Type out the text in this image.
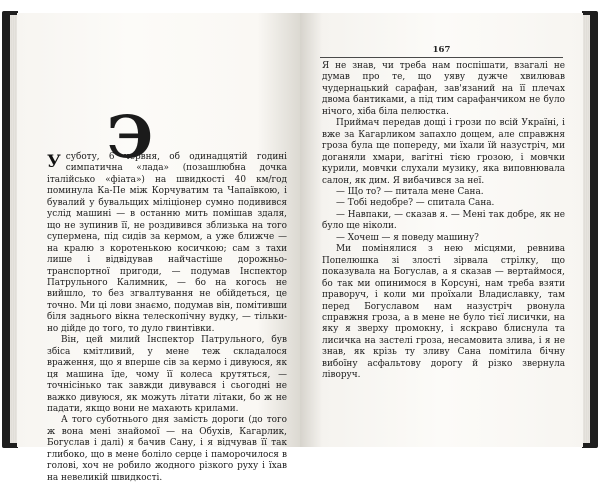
Э

Усуботу, 6 червня, об одинадцятій годині симпатична «лада» (позашлюбна дочка італійсько «фіата») на швидкості 40 км/год поминула Ка-Пе між Корчуватим та Чапаївкою, і бувалий у бувальщих міліціонер сумно подивився услід машині — в останню мить помішав здаля, що не зупинив її, не роздивився зблизька на того супермена, під сидів за кермом, а уже ближче — на кралю з коротенькою косичкою; сам з тахи лише і відвідував найчастіше дорожньо-транспортної пригоди, — подумав Інспектор Патрульного Калимник, — бо на когось не вийшло, то без згвалтування не обійдеться, це точно. Ми ці лови знаємо, подумав він, помітивши біля заднього вікна телескопічну вудку, — тільки-но дійде до того, то дуло гвинтівки.

Він, цей милий Інспектор Патрульного, був збіса кмітливий, у мене теж складалося враження, що я вперше сів за кермо і дивуюся, як ця машина їде, чому її колеса крутяться, — точнісінько так завжди дивувався і сьогодні не важко дивуюся, як можуть літати літаки, бо ж не падати, якщо вони не махають крилами.

А того суботнього дня замість дороги (до того ж вона мені знайомої — на Обухів, Кагарлик, Богуслав і далі) я бачив Сану, і я відчував її так глибоко, що в мене боліло серце і паморочилося в голові, хоч не робило жодного різкого руху і їхав на невеликій швидкості.

167

Я не знав, чи треба нам поспішати, взагалі не думав про те, що уяву дужче хвилював чудернацький сарафан, зав'язаний на її плечах двома бантиками, а під тим сарафанчиком не було нічого, хіба біла пелюстка.

Приймач передав дощі і грози по всій Україні, і вже за Кагарликом запахло дощем, але справжня гроза була ще попереду, ми їхали їй назустріч, ми доганяли хмари, вагітні тією грозою, і мовчки курили, мовчки слухали музику, яка виповнювала салон, як дим. Я вибачився за неї.

— Що то? — питала мене Сана.

— Тобі недобре? — спитала Сана.

— Навпаки, — сказав я. — Мені так добре, як не було ще ніколи.

— Хочеш — я поведу машину?

Ми помінялися з нею місцями, ревнива Попелюшка зі злості зірвала стрілку, що показувала на Богуслав, а я сказав — вертаймося, бо так ми опинимося в Корсуні, нам треба взяти праворуч, і коли ми проїхали Владиславку, там перед Богуславом нам назустріч рвонула справжня гроза, а в мене не було тієї лисички, на яку я зверху промокну, і яскраво блиснула та лисичка на застелі гроза, неcамовита злива, і я не знав, як крізь ту зливу Сана помітила бічну вибоїну асфальтову дорогу й різко звернула ліворуч.
